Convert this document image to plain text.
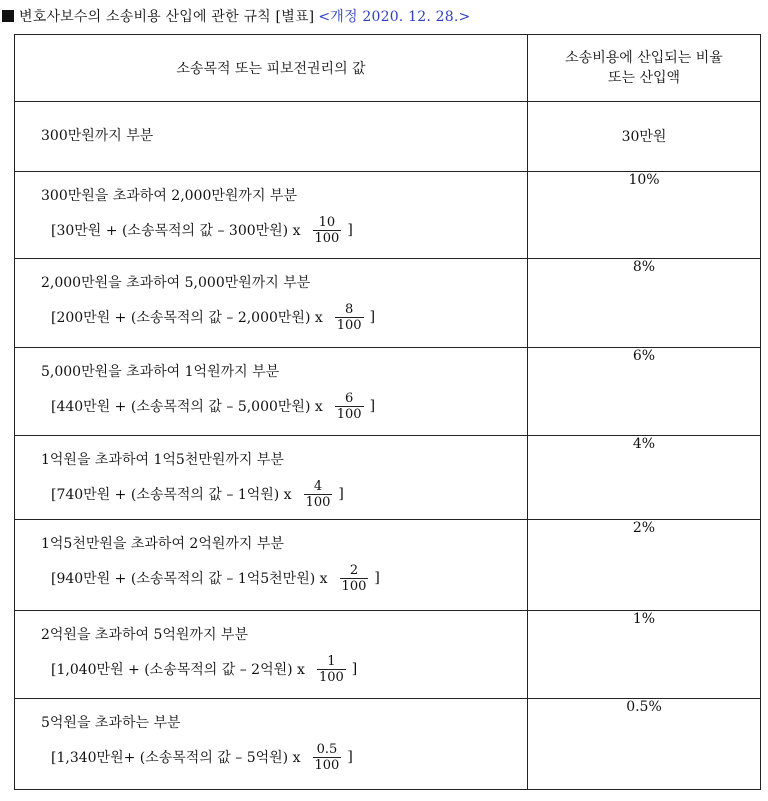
변호사보수의 소송비용 산입에 관한 규칙 [별표] <개정 2020. 12. 28.>
소송목적 또는 피보전권리의 값	소송비용에 산입되는 비율
또는 산입액

300만원까지 부분	30만원

300만원을 초과하여 2,000만원까지 부분
[30만원 + (소송목적의 값 – 300만원) x $\frac{10}{100}$ ]	10%

2,000만원을 초과하여 5,000만원까지 부분
[200만원 + (소송목적의 값 – 2,000만원) x $\frac{8}{100}$ ]	8%

5,000만원을 초과하여 1억원까지 부분
[440만원 + (소송목적의 값 – 5,000만원) x $\frac{6}{100}$ ]	6%

1억원을 초과하여 1억5천만원까지 부분
[740만원 + (소송목적의 값 – 1억원) x $\frac{4}{100}$ ]	4%

1억5천만원을 초과하여 2억원까지 부분
[940만원 + (소송목적의 값 – 1억5천만원) x $\frac{2}{100}$ ]	2%

2억원을 초과하여 5억원까지 부분
[1,040만원 + (소송목적의 값 – 2억원) x $\frac{1}{100}$ ]	1%

5억원을 초과하는 부분
[1,340만원+ (소송목적의 값 – 5억원) x $\frac{0.5}{100}$ ]	0.5%
